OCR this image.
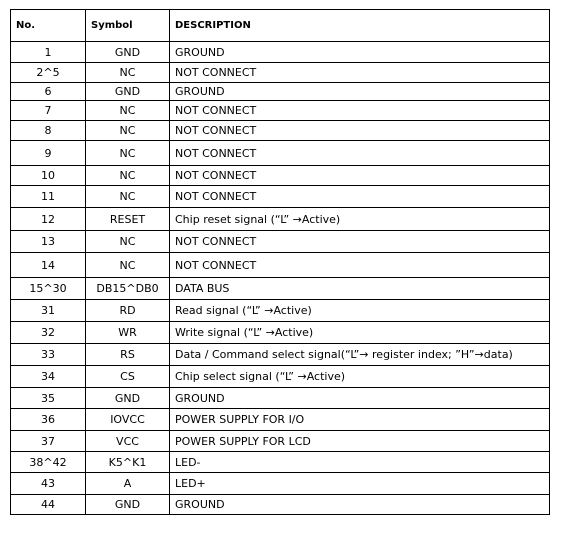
No.	Symbol	DESCRIPTION
1	GND	GROUND
2^5	NC	NOT CONNECT
6	GND	GROUND
7	NC	NOT CONNECT
8	NC	NOT CONNECT
9	NC	NOT CONNECT
10	NC	NOT CONNECT
11	NC	NOT CONNECT
12	RESET	Chip reset signal (“L” →Active)
13	NC	NOT CONNECT
14	NC	NOT CONNECT
15^30	DB15^DB0	DATA BUS
31	RD	Read signal (“L” →Active)
32	WR	Write signal (“L” →Active)
33	RS	Data / Command select signal(“L”→ register index; ”H”→data)
34	CS	Chip select signal (“L” →Active)
35	GND	GROUND
36	IOVCC	POWER SUPPLY FOR I/O
37	VCC	POWER SUPPLY FOR LCD
38^42	K5^K1	LED-
43	A	LED+
44	GND	GROUND
